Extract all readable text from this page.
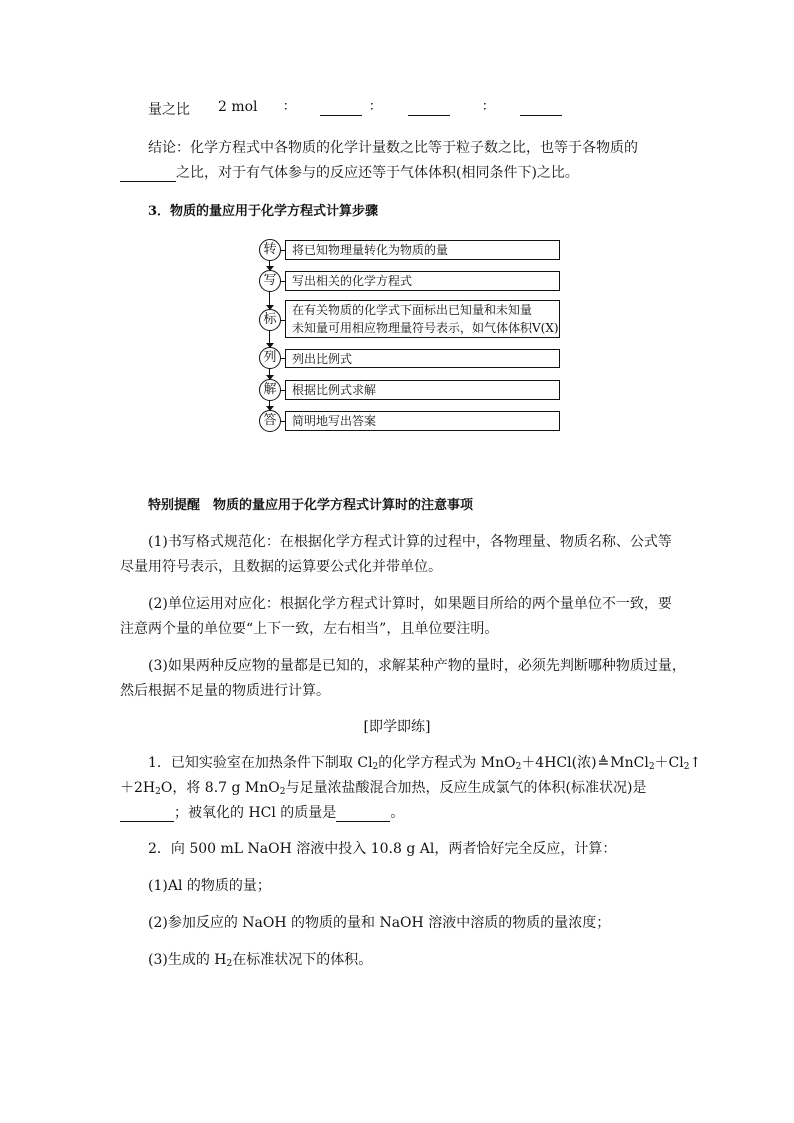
量之比 2 mol ∶	∶	∶
结论：化学方程式中各物质的化学计量数之比等于粒子数之比，也等于各物质的
之比，对于有气体参与的反应还等于气体体积(相同条件下)之比。
3．物质的量应用于化学方程式计算步骤
转	将已知物理量转化为物质的量
写	写出相关的化学方程式
标
在有关物质的化学式下面标出已知量和未知量
未知量可用相应物理量符号表示，如气体体积V(X)
列	列出比例式
解	根据比例式求解
答	简明地写出答案
特别提醒　物质的量应用于化学方程式计算时的注意事项
(1)书写格式规范化：在根据化学方程式计算的过程中，各物理量、物质名称、公式等
尽量用符号表示，且数据的运算要公式化并带单位。
(2)单位运用对应化：根据化学方程式计算时，如果题目所给的两个量单位不一致，要
注意两个量的单位要“上下一致，左右相当”，且单位要注明。
(3)如果两种反应物的量都是已知的，求解某种产物的量时，必须先判断哪种物质过量，
然后根据不足量的物质进行计算。
[即学即练]
1．已知实验室在加热条件下制取 $Cl_2$的化学方程式为 MnO$_2$＋4HCl(浓)$≜MnCl_2+Cl_2↑$
$+2H_2O$，将 8.7 g MnO$_2$与足量浓盐酸混合加热，反应生成氯气的体积(标准状况)是
；被氧化的 HCl 的质量是	。
2．向 500 mL NaOH 溶液中投入 10.8 g Al，两者恰好完全反应，计算：
(1)Al 的物质的量；
(2)参加反应的 NaOH 的物质的量和 NaOH 溶液中溶质的物质的量浓度；
(3)生成的 $H_2$在标准状况下的体积。
